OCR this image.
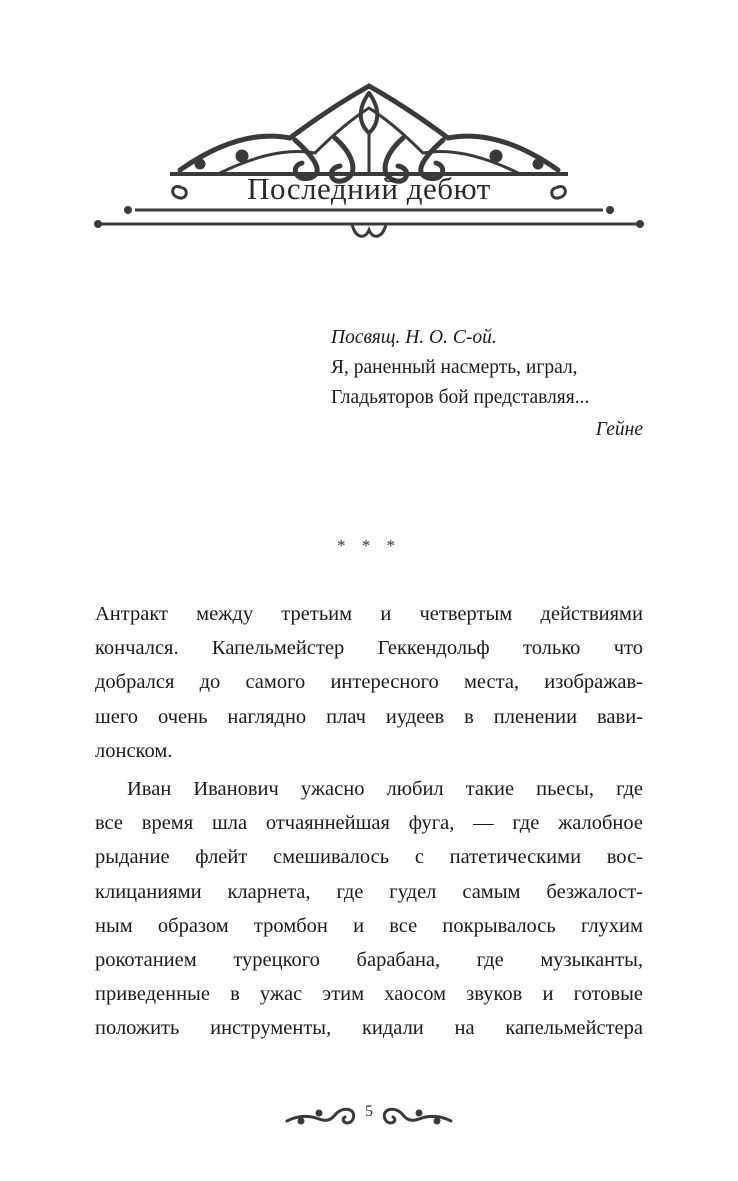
Последний дебют
Посвящ. Н. О. С-ой.
Я, раненный насмерть, играл,
Гладьяторов бой представляя...
Гейне
* * *

Антракт между третьим и четвертым действиями
кончался. Капельмейстер Геккендольф только что
добрался до самого интересного места, изображав-
шего очень наглядно плач иудеев в пленении вави-
лонском.

Иван Иванович ужасно любил такие пьесы, где
все время шла отчаяннейшая фуга, — где жалобное
рыдание флейт смешивалось с патетическими вос-
клицаниями кларнета, где гудел самым безжалост-
ным образом тромбон и все покрывалось глухим
рокотанием турецкого барабана, где музыканты,
приведенные в ужас этим хаосом звуков и готовые
положить инструменты, кидали на капельмейстера

5
